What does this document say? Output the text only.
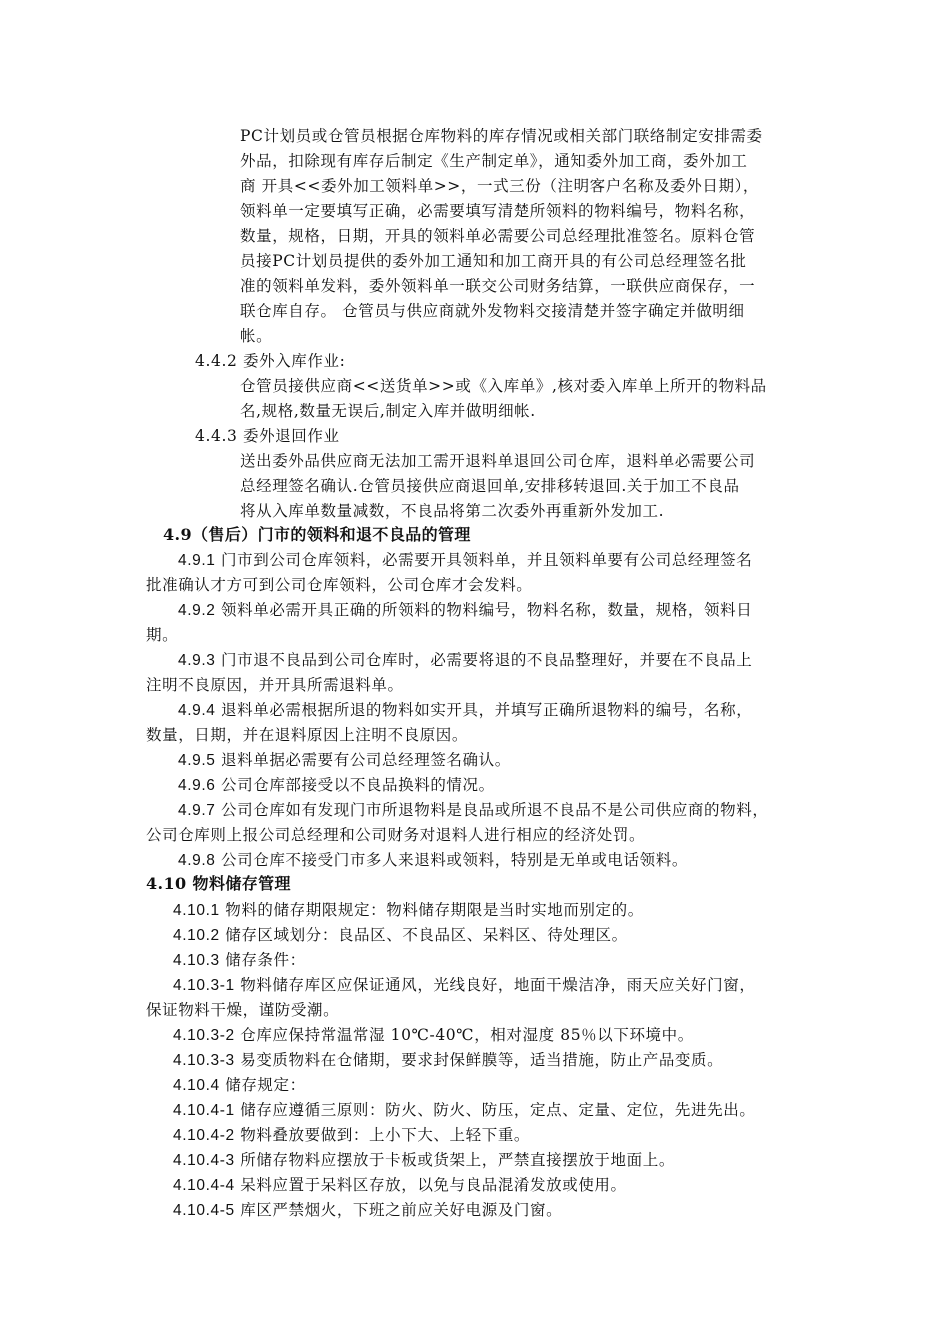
PC计划员或仓管员根据仓库物料的库存情况或相关部门联络制定安排需委
外品，扣除现有库存后制定《生产制定单》，通知委外加工商，委外加工
商 开具<<委外加工领料单>>，一式三份（注明客户名称及委外日期），
领料单一定要填写正确，必需要填写清楚所领料的物料编号，物料名称，
数量，规格，日期，开具的领料单必需要公司总经理批准签名。原料仓管
员接PC计划员提供的委外加工通知和加工商开具的有公司总经理签名批
准的领料单发料，委外领料单一联交公司财务结算，一联供应商保存，一
联仓库自存。 仓管员与供应商就外发物料交接清楚并签字确定并做明细
帐。
4.4.2 委外入库作业:
仓管员接供应商<<送货单>>或《入库单》,核对委入库单上所开的物料品
名,规格,数量无误后,制定入库并做明细帐.
4.4.3 委外退回作业
送出委外品供应商无法加工需开退料单退回公司仓库，退料单必需要公司
总经理签名确认.仓管员接供应商退回单,安排移转退回.关于加工不良品
将从入库单数量减数，不良品将第二次委外再重新外发加工.
4.9（售后）门市的领料和退不良品的管理
4.9.1 门市到公司仓库领料，必需要开具领料单，并且领料单要有公司总经理签名
批准确认才方可到公司仓库领料，公司仓库才会发料。
4.9.2 领料单必需开具正确的所领料的物料编号，物料名称，数量，规格，领料日
期。
4.9.3 门市退不良品到公司仓库时，必需要将退的不良品整理好，并要在不良品上
注明不良原因，并开具所需退料单。
4.9.4 退料单必需根据所退的物料如实开具，并填写正确所退物料的编号，名称，
数量，日期，并在退料原因上注明不良原因。
4.9.5 退料单据必需要有公司总经理签名确认。
4.9.6 公司仓库部接受以不良品换料的情况。
4.9.7 公司仓库如有发现门市所退物料是良品或所退不良品不是公司供应商的物料，
公司仓库则上报公司总经理和公司财务对退料人进行相应的经济处罚。
4.9.8 公司仓库不接受门市多人来退料或领料，特别是无单或电话领料。
4.10 物料储存管理
4.10.1 物料的储存期限规定：物料储存期限是当时实地而别定的。
4.10.2 储存区域划分：良品区、不良品区、呆料区、待处理区。
4.10.3 储存条件：
4.10.3-1 物料储存库区应保证通风，光线良好，地面干燥洁净，雨天应关好门窗，
保证物料干燥，谨防受潮。
4.10.3-2 仓库应保持常温常湿 10℃-40℃，相对湿度 85％以下环境中。
4.10.3-3 易变质物料在仓储期，要求封保鲜膜等，适当措施，防止产品变质。
4.10.4 储存规定：
4.10.4-1 储存应遵循三原则：防火、防火、防压，定点、定量、定位，先进先出。
4.10.4-2 物料叠放要做到：上小下大、上轻下重。
4.10.4-3 所储存物料应摆放于卡板或货架上，严禁直接摆放于地面上。
4.10.4-4 呆料应置于呆料区存放，以免与良品混淆发放或使用。
4.10.4-5 库区严禁烟火，下班之前应关好电源及门窗。
